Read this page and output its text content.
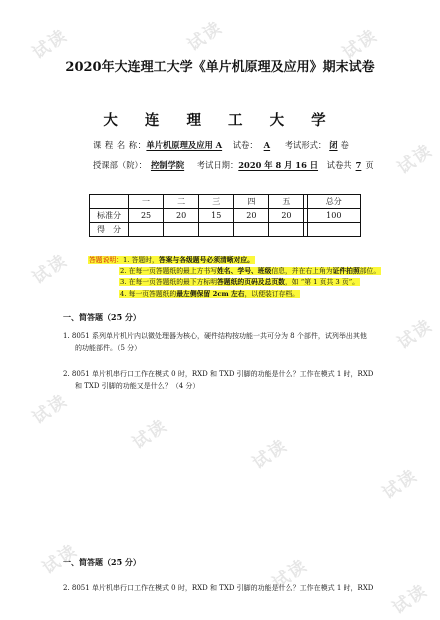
试读	试读	试读
试读
试读
试读
试读
试读
试读
试读
试读	试读
试读
2020年大连理工大学《单片机原理及应用》期末试卷
大 连 理 工 大 学
课 程 名 称：单片机原理及应用 A 试卷： A 考试形式： 闭 卷
授课部（院）： 控制学院 考试日期：2020 年 8 月 16 日 试卷共 7 页
	一	二	三	四	五		总分
标准分	25	20	15	20	20		100
得　分							
答题说明：1. 答题时，答案与各级题号必须清晰对应。
2. 在每一页答题纸的最上方书写姓名、学号、班级信息，并在右上角为证件拍照部位。
3. 在每一页答题纸的最下方标明答题纸的页码及总页数，如 “第 1 页共 3 页”。
4. 每一页答题纸的最左侧保留 2cm 左右，以便装订存档。
一、简答题（25 分）
1. 8051 系列单片机片内以微处理器为核心，硬件结构按功能一共可分为 8 个部件，试列举出其他
的功能部件。（5 分）
2. 8051 单片机串行口工作在模式 0 时，RXD 和 TXD 引脚的功能是什么？工作在模式 1 时，RXD
和 TXD 引脚的功能又是什么？（4 分）
一、简答题（25 分）
2. 8051 单片机串行口工作在模式 0 时，RXD 和 TXD 引脚的功能是什么？工作在模式 1 时，RXD
